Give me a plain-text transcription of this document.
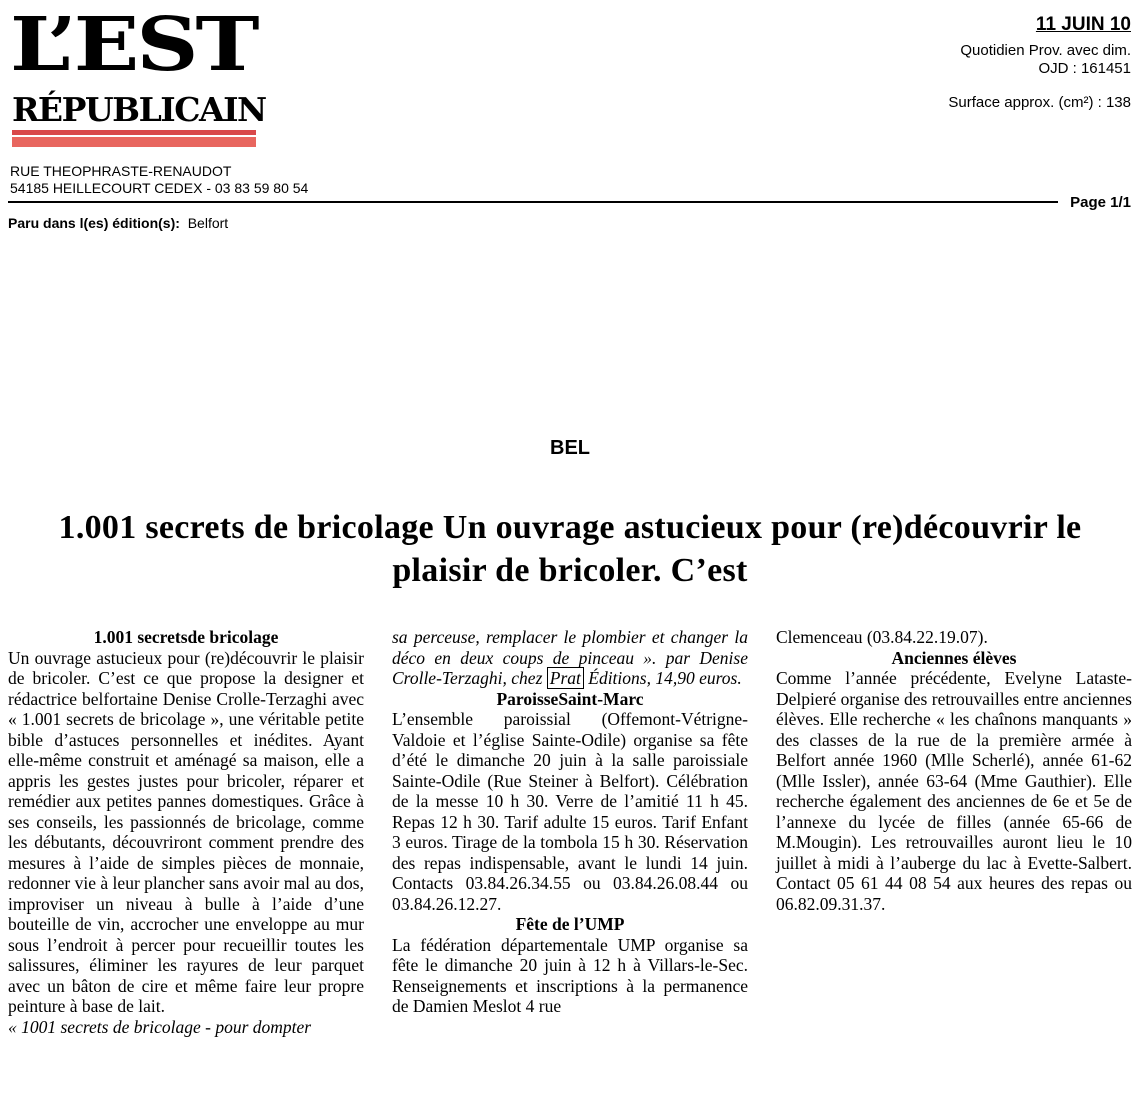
L’EST
RÉPUBLICAIN
RUE THEOPHRASTE-RENAUDOT
54185 HEILLECOURT CEDEX - 03 83 59 80 54
11 JUIN 10
Quotidien Prov. avec dim.
OJD : 161451
Surface approx. (cm²) : 138
Page 1/1
Paru dans l(es) édition(s): Belfort
BEL
1.001 secrets de bricolage Un ouvrage astucieux pour (re)découvrir le plaisir de bricoler. C’est

1.001 secretsde bricolage

Un ouvrage astucieux pour (re)découvrir le plaisir de bricoler. C’est ce que propose la designer et rédactrice belfortaine Denise Crolle-Terzaghi avec « 1.001 secrets de bricolage », une véritable petite bible d’astuces personnelles et inédites. Ayant elle-même construit et aménagé sa maison, elle a appris les gestes justes pour bricoler, réparer et remédier aux petites pannes domestiques. Grâce à ses conseils, les passionnés de bricolage, comme les débutants, découvriront comment prendre des mesures à l’aide de simples pièces de monnaie, redonner vie à leur plancher sans avoir mal au dos, improviser un niveau à bulle à l’aide d’une bouteille de vin, accrocher une enveloppe au mur sous l’endroit à percer pour recueillir toutes les salissures, éliminer les rayures de leur parquet avec un bâton de cire et même faire leur propre peinture à base de lait.

« 1001 secrets de bricolage - pour dompter

sa perceuse, remplacer le plombier et changer la déco en deux coups de pinceau ». par Denise Crolle-Terzaghi, chez Prat Éditions, 14,90 euros.

ParoisseSaint-Marc

L’ensemble paroissial (Offemont-Vétrigne-Valdoie et l’église Sainte-Odile) organise sa fête d’été le dimanche 20 juin à la salle paroissiale Sainte-Odile (Rue Steiner à Belfort). Célébration de la messe 10 h 30. Verre de l’amitié 11 h 45. Repas 12 h 30. Tarif adulte 15 euros. Tarif Enfant 3 euros. Tirage de la tombola 15 h 30. Réservation des repas indispensable, avant le lundi 14 juin. Contacts 03.84.26.34.55 ou 03.84.26.08.44 ou 03.84.26.12.27.

Fête de l’UMP

La fédération départementale UMP organise sa fête le dimanche 20 juin à 12 h à Villars-le-Sec. Renseignements et inscriptions à la permanence de Damien Meslot 4 rue

Clemenceau (03.84.22.19.07).

Anciennes élèves

Comme l’année précédente, Evelyne Lataste-Delpieré organise des retrouvailles entre anciennes élèves. Elle recherche « les chaînons manquants » des classes de la rue de la première armée à Belfort année 1960 (Mlle Scherlé), année 61-62 (Mlle Issler), année 63-64 (Mme Gauthier). Elle recherche également des anciennes de 6e et 5e de l’annexe du lycée de filles (année 65-66 de M.Mougin). Les retrouvailles auront lieu le 10 juillet à midi à l’auberge du lac à Evette-Salbert. Contact 05 61 44 08 54 aux heures des repas ou 06.82.09.31.37.
